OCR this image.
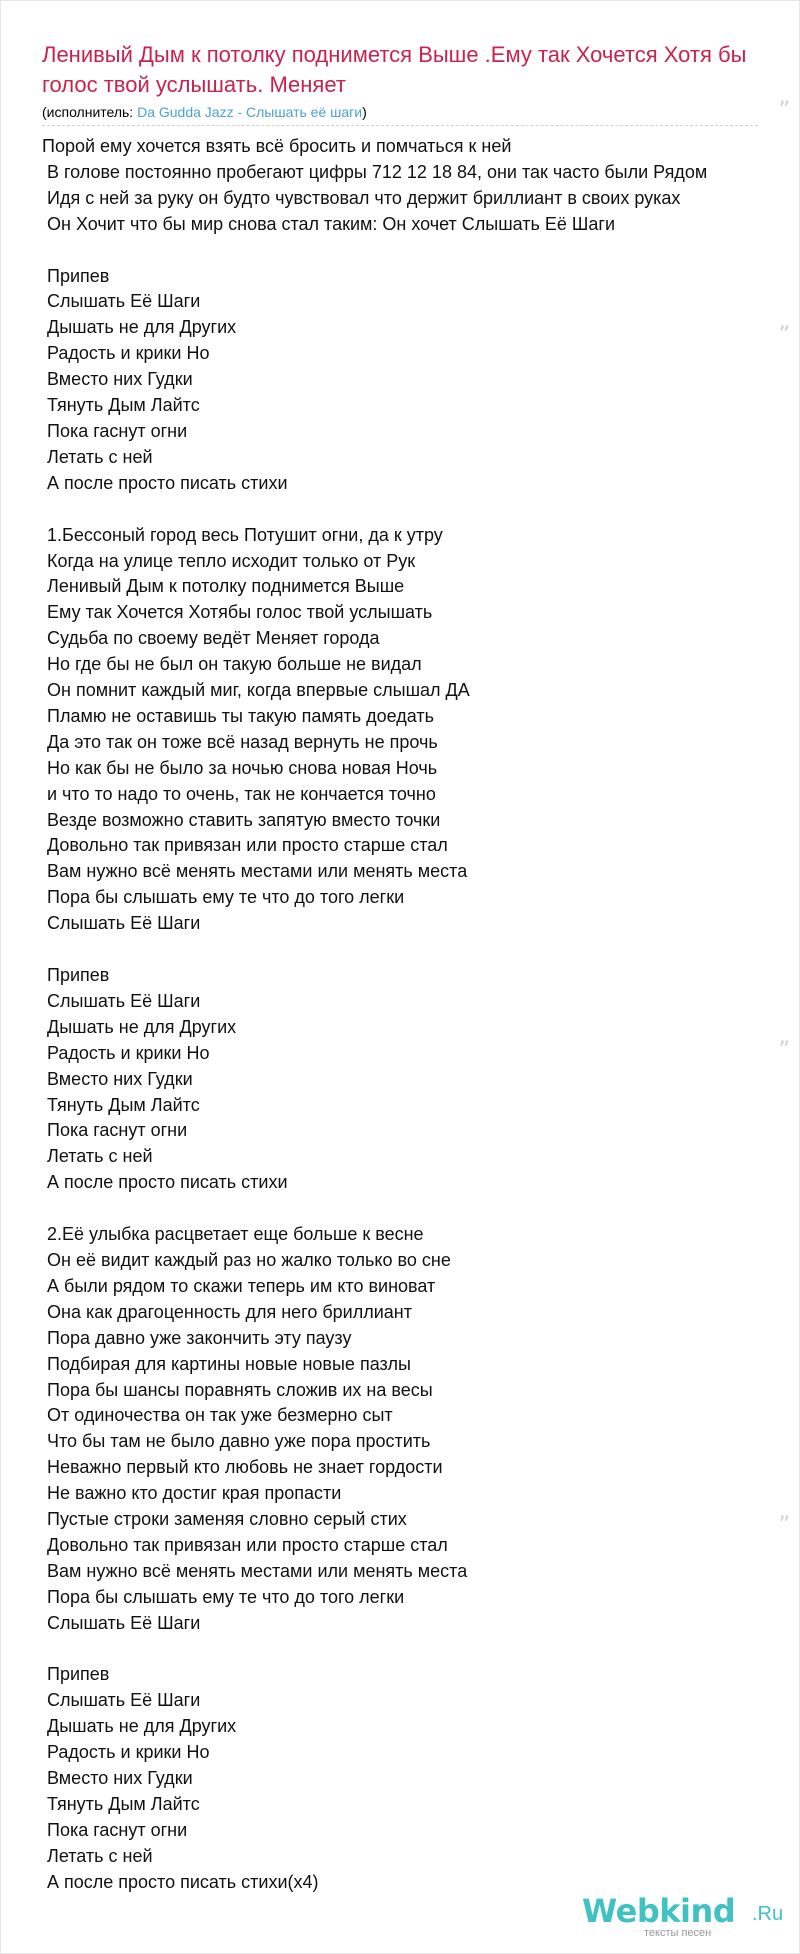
Ленивый Дым к потолку поднимется Выше .Ему так Хочется Хотя бы голос твой услышать. Меняет

(исполнитель: Da Gudda Jazz - Слышать её шаги)

Порой ему хочется взять всё бросить и помчаться к ней
В голове постоянно пробегают цифры 712 12 18 84, они так часто были Рядом
Идя с ней за руку он будто чувствовал что держит бриллиант в своих руках
Он Хочит что бы мир снова стал таким: Он хочет Слышать Её Шаги

Припев
Слышать Её Шаги
Дышать не для Других
Радость и крики Но
Вместо них Гудки
Тянуть Дым Лайтс
Пока гаснут огни
Летать с ней
А после просто писать стихи

1.Бессоный город весь Потушит огни, да к утру
Когда на улице тепло исходит только от Рук
Ленивый Дым к потолку поднимется Выше
Ему так Хочется Хотябы голос твой услышать
Судьба по своему ведёт Меняет города
Но где бы не был он такую больше не видал
Он помнит каждый миг, когда впервые слышал ДА
Пламю не оставишь ты такую память доедать
Да это так он тоже всё назад вернуть не прочь
Но как бы не было за ночью снова новая Ночь
и что то надо то очень, так не кончается точно
Везде возможно ставить запятую вместо точки
Довольно так привязан или просто старше стал
Вам нужно всё менять местами или менять места
Пора бы слышать ему те что до того легки
Слышать Её Шаги

Припев
Слышать Её Шаги
Дышать не для Других
Радость и крики Но
Вместо них Гудки
Тянуть Дым Лайтс
Пока гаснут огни
Летать с ней
А после просто писать стихи

2.Её улыбка расцветает еще больше к весне
Он её видит каждый раз но жалко только во сне
А были рядом то скажи теперь им кто виноват
Она как драгоценность для него бриллиант
Пора давно уже закончить эту паузу
Подбирая для картины новые новые пазлы
Пора бы шансы поравнять сложив их на весы
От одиночества он так уже безмерно сыт
Что бы там не было давно уже пора простить
Неважно первый кто любовь не знает гордости
Не важно кто достиг края пропасти
Пустые строки заменяя словно серый стих
Довольно так привязан или просто старше стал
Вам нужно всё менять местами или менять места
Пора бы слышать ему те что до того легки
Слышать Её Шаги

Припев
Слышать Её Шаги
Дышать не для Других
Радость и крики Но
Вместо них Гудки
Тянуть Дым Лайтс
Пока гаснут огни
Летать с ней
А после просто писать стихи(x4)
”
”
”
”
Webkind .Ru
тексты песен
